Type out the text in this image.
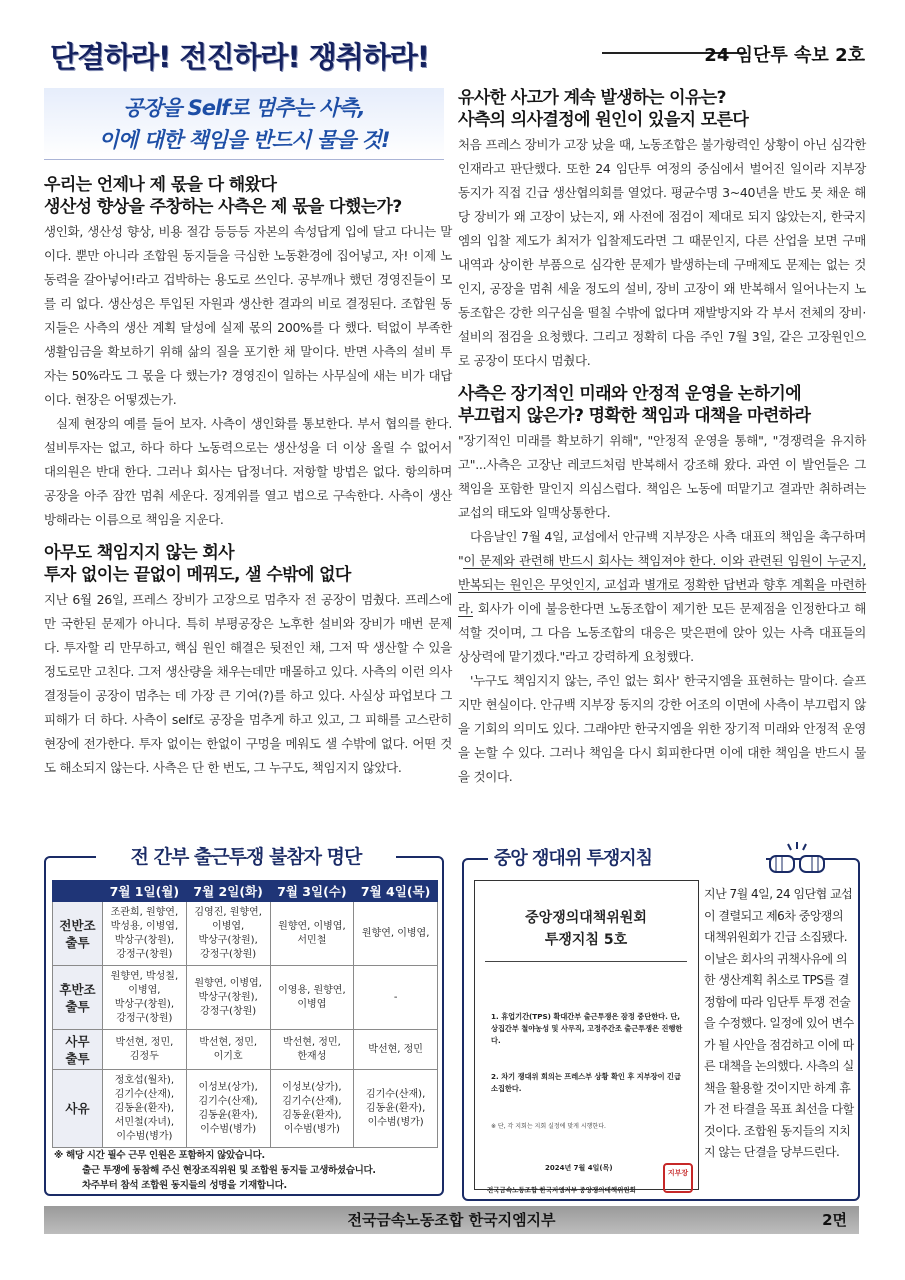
단결하라! 전진하라! 쟁취하라!	24 임단투 속보 2호
공장을 Self로 멈추는 사측,
이에 대한 책임을 반드시 물을 것!
우리는 언제나 제 몫을 다 해왔다
생산성 향상을 주창하는 사측은 제 몫을 다했는가?

생인화, 생산성 향상, 비용 절감 등등등 자본의 속성답게 입에 달고 다니는 말이다. 뿐만 아니라 조합원 동지들을 극심한 노동환경에 집어넣고, 자! 이제 노동력을 갈아넣어!라고 겁박하는 용도로 쓰인다. 공부깨나 했던 경영진들이 모를 리 없다. 생산성은 투입된 자원과 생산한 결과의 비로 결정된다. 조합원 동지들은 사측의 생산 계획 달성에 실제 몫의 200%를 다 했다. 턱없이 부족한 생활임금을 확보하기 위해 삶의 질을 포기한 채 말이다. 반면 사측의 설비 투자는 50%라도 그 몫을 다 했는가? 경영진이 일하는 사무실에 새는 비가 대답이다. 현장은 어떻겠는가.

실제 현장의 예를 들어 보자. 사측이 생인화를 통보한다. 부서 협의를 한다. 설비투자는 없고, 하다 하다 노동력으로는 생산성을 더 이상 올릴 수 없어서 대의원은 반대 한다. 그러나 회사는 답정너다. 저항할 방법은 없다. 항의하며 공장을 아주 잠깐 멈춰 세운다. 징계위를 열고 법으로 구속한다. 사측이 생산 방해라는 이름으로 책임을 지운다.

아무도 책임지지 않는 회사
투자 없이는 끝없이 메꿔도, 샐 수밖에 없다

지난 6월 26일, 프레스 장비가 고장으로 멈추자 전 공장이 멈췄다. 프레스에만 국한된 문제가 아니다. 특히 부평공장은 노후한 설비와 장비가 매번 문제다. 투자할 리 만무하고, 핵심 원인 해결은 뒷전인 채, 그저 딱 생산할 수 있을 정도로만 고친다. 그저 생산량을 채우는데만 매몰하고 있다. 사측의 이런 의사 결정들이 공장이 멈추는 데 가장 큰 기여(?)를 하고 있다. 사실상 파업보다 그 피해가 더 하다. 사측이 self로 공장을 멈추게 하고 있고, 그 피해를 고스란히 현장에 전가한다. 투자 없이는 한없이 구멍을 메워도 샐 수밖에 없다. 어떤 것도 해소되지 않는다. 사측은 단 한 번도, 그 누구도, 책임지지 않았다.

유사한 사고가 계속 발생하는 이유는?
사측의 의사결정에 원인이 있을지 모른다

처음 프레스 장비가 고장 났을 때, 노동조합은 불가항력인 상황이 아닌 심각한 인재라고 판단했다. 또한 24 임단투 여정의 중심에서 벌어진 일이라 지부장 동지가 직접 긴급 생산협의회를 열었다. 평균수명 3~40년을 반도 못 채운 해당 장비가 왜 고장이 났는지, 왜 사전에 점검이 제대로 되지 않았는지, 한국지엠의 입찰 제도가 최저가 입찰제도라면 그 때문인지, 다른 산업을 보면 구매 내역과 상이한 부품으로 심각한 문제가 발생하는데 구매제도 문제는 없는 것인지, 공장을 멈춰 세울 정도의 설비, 장비 고장이 왜 반복해서 일어나는지 노동조합은 강한 의구심을 떨칠 수밖에 없다며 재발방지와 각 부서 전체의 장비·설비의 점검을 요청했다. 그리고 정확히 다음 주인 7월 3일, 같은 고장원인으로 공장이 또다시 멈췄다.

사측은 장기적인 미래와 안정적 운영을 논하기에
부끄럽지 않은가? 명확한 책임과 대책을 마련하라

"장기적인 미래를 확보하기 위해", "안정적 운영을 통해", "경쟁력을 유지하고"...사측은 고장난 레코드처럼 반복해서 강조해 왔다. 과연 이 발언들은 그 책임을 포함한 말인지 의심스럽다. 책임은 노동에 떠맡기고 결과만 취하려는 교섭의 태도와 일맥상통한다.

다음날인 7월 4일, 교섭에서 안규백 지부장은 사측 대표의 책임을 촉구하며 "이 문제와 관련해 반드시 회사는 책임져야 한다. 이와 관련된 임원이 누군지, 반복되는 원인은 무엇인지, 교섭과 별개로 정확한 답변과 향후 계획을 마련하라. 회사가 이에 불응한다면 노동조합이 제기한 모든 문제점을 인정한다고 해석할 것이며, 그 다음 노동조합의 대응은 맞은편에 앉아 있는 사측 대표들의 상상력에 맡기겠다."라고 강력하게 요청했다.

'누구도 책임지지 않는, 주인 없는 회사' 한국지엠을 표현하는 말이다. 슬프지만 현실이다. 안규백 지부장 동지의 강한 어조의 이면에 사측이 부끄럽지 않을 기회의 의미도 있다. 그래야만 한국지엠을 위한 장기적 미래와 안정적 운영을 논할 수 있다. 그러나 책임을 다시 회피한다면 이에 대한 책임을 반드시 물을 것이다.

전 간부 출근투쟁 불참자 명단
	7월 1일(월)	7월 2일(화)	7월 3일(수)	7월 4일(목)
전반조
출투	조관희, 원향연,
박성용, 이병엽,
박상구(창원),
강정구(창원)	김영진, 원향연,
이병엽,
박상구(창원),
강정구(창원)	원향연, 이병엽,
서민철	원향연, 이병엽,
후반조
출투	원향연, 박성칠,
이병엽,
박상구(창원),
강정구(창원)	원향연, 이병엽,
박상구(창원),
강정구(창원)	이영용, 원향연,
이병엽	-
사무
출투	박선현, 정민,
김정두	박선현, 정민,
이기호	박선현, 정민,
한재성	박선현, 정민
사유	정호섭(월차),
김기수(산재),
김동윤(환자),
서민철(자녀),
이수범(병가)	이성보(상가),
김기수(산재),
김동윤(환자),
이수범(병가)	이성보(상가),
김기수(산재),
김동윤(환자),
이수범(병가)	김기수(산재),
김동윤(환자),
이수범(병가)
※ 해당 시간 필수 근무 인원은 포함하지 않았습니다.
출근 투쟁에 동참해 주신 현장조직위원 및 조합원 동지들 고생하셨습니다.
차주부터 참석 조합원 동지들의 성명을 기재합니다.
중앙 쟁대위 투쟁지침
중앙쟁의대책위원회
투쟁지침 5호
1. 휴업기간(TPS) 확대간부 출근투쟁은 잠정 중단한다. 단, 상집간부 철야농성 및 사무직, 고정주간조 출근투쟁은 진행한다.
2. 차기 쟁대위 회의는 프레스부 상황 확인 후 지부장이 긴급 소집한다.
※ 단, 각 지회는 지회 실정에 맞게 시행한다.
2024년 7월 4일(목)
지부장
전국금속노동조합 한국지엠지부 중앙쟁의대책위원회
지난 7월 4일, 24 임단협 교섭이 결렬되고 제6차 중앙쟁의대책위원회가 긴급 소집됐다. 이날은 회사의 귀책사유에 의한 생산계획 취소로 TPS를 결정함에 따라 임단투 투쟁 전술을 수정했다. 일정에 있어 변수가 될 사안을 점검하고 이에 따른 대책을 논의했다. 사측의 실책을 활용할 것이지만 하계 휴가 전 타결을 목표 최선을 다할 것이다. 조합원 동지들의 지치지 않는 단결을 당부드린다.
전국금속노동조합 한국지엠지부	2면
